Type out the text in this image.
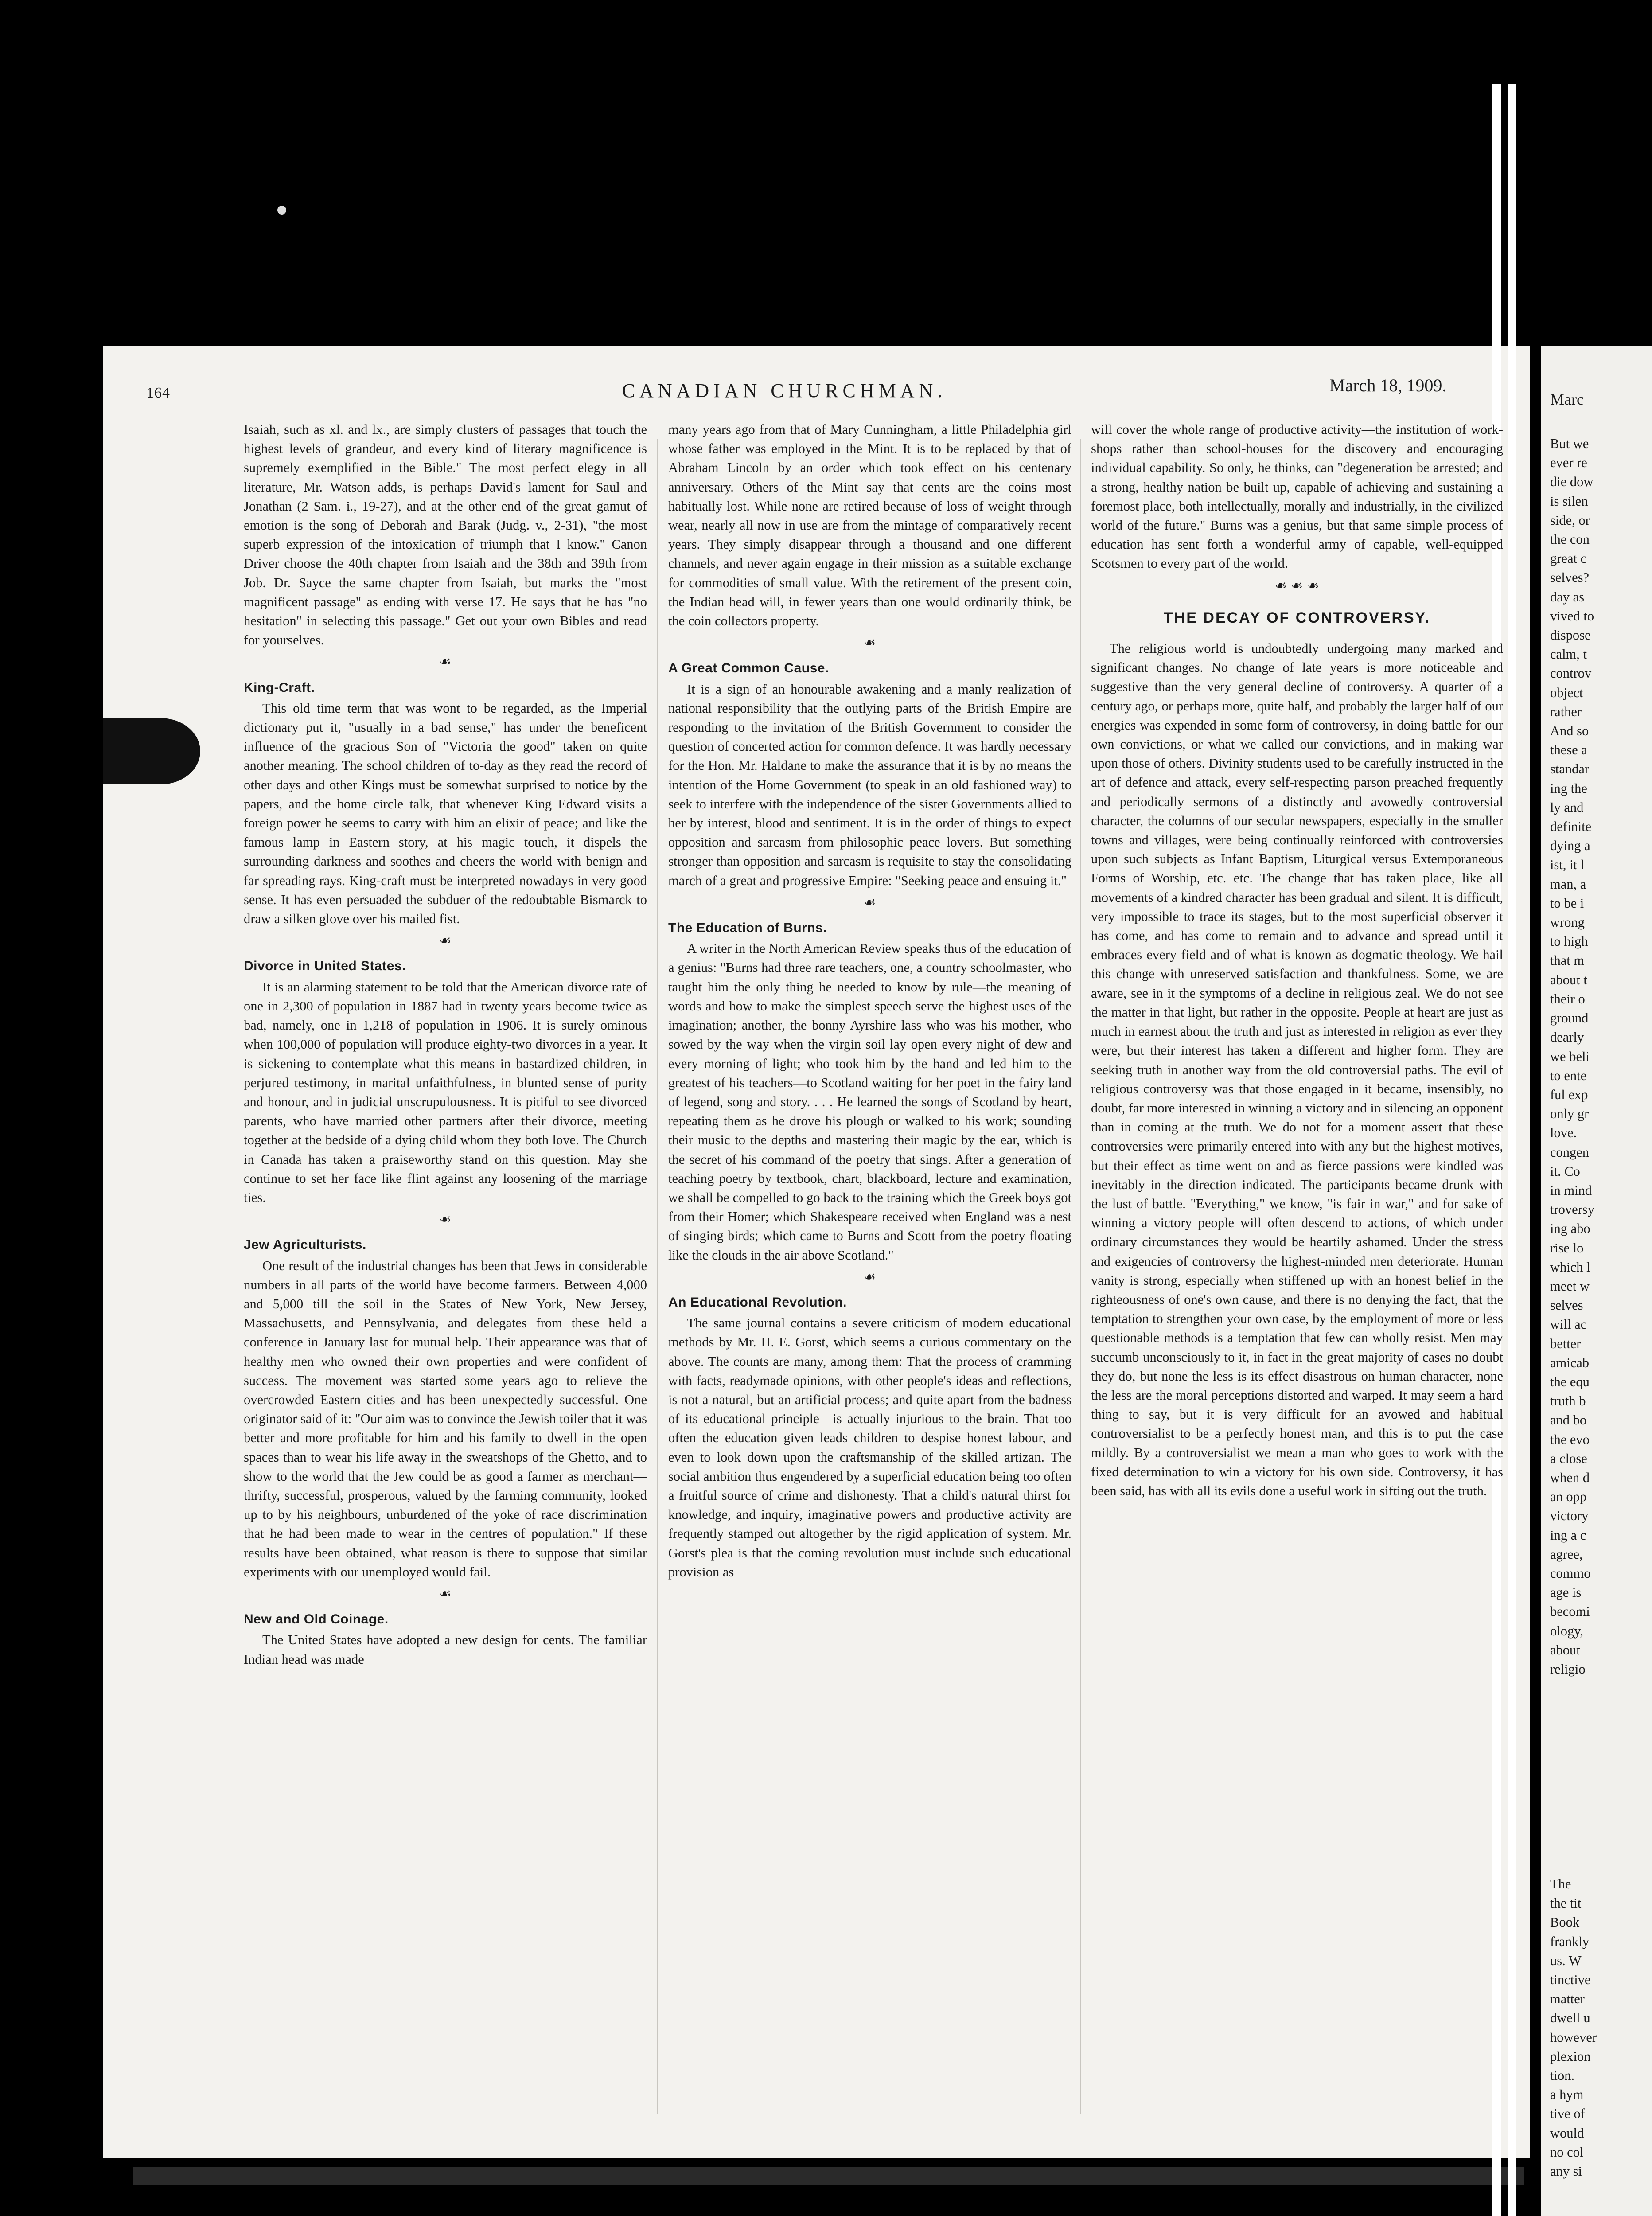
164	CANADIAN CHURCHMAN.	March 18, 1909.

Isaiah, such as xl. and lx., are simply clusters of passages that touch the highest levels of grandeur, and every kind of literary magnificence is supremely exemplified in the Bible." The most perfect elegy in all literature, Mr. Watson adds, is perhaps David's lament for Saul and Jonathan (2 Sam. i., 19-27), and at the other end of the great gamut of emotion is the song of Deborah and Barak (Judg. v., 2-31), "the most superb expression of the intoxication of triumph that I know." Canon Driver choose the 40th chapter from Isaiah and the 38th and 39th from Job. Dr. Sayce the same chapter from Isaiah, but marks the "most magnificent passage" as ending with verse 17. He says that he has "no hesitation" in selecting this passage." Get out your own Bibles and read for yourselves.

☙
King-Craft.

This old time term that was wont to be regarded, as the Imperial dictionary put it, "usually in a bad sense," has under the beneficent influence of the gracious Son of "Victoria the good" taken on quite another meaning. The school children of to-day as they read the record of other days and other Kings must be somewhat surprised to notice by the papers, and the home circle talk, that whenever King Edward visits a foreign power he seems to carry with him an elixir of peace; and like the famous lamp in Eastern story, at his magic touch, it dispels the surrounding darkness and soothes and cheers the world with benign and far spreading rays. King-craft must be interpreted nowadays in very good sense. It has even persuaded the subduer of the redoubtable Bismarck to draw a silken glove over his mailed fist.

☙
Divorce in United States.

It is an alarming statement to be told that the American divorce rate of one in 2,300 of population in 1887 had in twenty years become twice as bad, namely, one in 1,218 of population in 1906. It is surely ominous when 100,000 of population will produce eighty-two divorces in a year. It is sickening to contemplate what this means in bastardized children, in perjured testimony, in marital unfaithfulness, in blunted sense of purity and honour, and in judicial unscrupulousness. It is pitiful to see divorced parents, who have married other partners after their divorce, meeting together at the bedside of a dying child whom they both love. The Church in Canada has taken a praiseworthy stand on this question. May she continue to set her face like flint against any loosening of the marriage ties.

☙
Jew Agriculturists.

One result of the industrial changes has been that Jews in considerable numbers in all parts of the world have become farmers. Between 4,000 and 5,000 till the soil in the States of New York, New Jersey, Massachusetts, and Pennsylvania, and delegates from these held a conference in January last for mutual help. Their appearance was that of healthy men who owned their own properties and were confident of success. The movement was started some years ago to relieve the overcrowded Eastern cities and has been unexpectedly successful. One originator said of it: "Our aim was to convince the Jewish toiler that it was better and more profitable for him and his family to dwell in the open spaces than to wear his life away in the sweatshops of the Ghetto, and to show to the world that the Jew could be as good a farmer as merchant—thrifty, successful, prosperous, valued by the farming community, looked up to by his neighbours, unburdened of the yoke of race discrimination that he had been made to wear in the centres of population." If these results have been obtained, what reason is there to suppose that similar experiments with our unemployed would fail.

☙
New and Old Coinage.

The United States have adopted a new design for cents. The familiar Indian head was made

many years ago from that of Mary Cunningham, a little Philadelphia girl whose father was employed in the Mint. It is to be replaced by that of Abraham Lincoln by an order which took effect on his centenary anniversary. Others of the Mint say that cents are the coins most habitually lost. While none are retired because of loss of weight through wear, nearly all now in use are from the mintage of comparatively recent years. They simply disappear through a thousand and one different channels, and never again engage in their mission as a suitable exchange for commodities of small value. With the retirement of the present coin, the Indian head will, in fewer years than one would ordinarily think, be the coin collectors property.

☙
A Great Common Cause.

It is a sign of an honourable awakening and a manly realization of national responsibility that the outlying parts of the British Empire are responding to the invitation of the British Government to consider the question of concerted action for common defence. It was hardly necessary for the Hon. Mr. Haldane to make the assurance that it is by no means the intention of the Home Government (to speak in an old fashioned way) to seek to interfere with the independence of the sister Governments allied to her by interest, blood and sentiment. It is in the order of things to expect opposition and sarcasm from philosophic peace lovers. But something stronger than opposition and sarcasm is requisite to stay the consolidating march of a great and progressive Empire: "Seeking peace and ensuing it."

☙
The Education of Burns.

A writer in the North American Review speaks thus of the education of a genius: "Burns had three rare teachers, one, a country schoolmaster, who taught him the only thing he needed to know by rule—the meaning of words and how to make the simplest speech serve the highest uses of the imagination; another, the bonny Ayrshire lass who was his mother, who sowed by the way when the virgin soil lay open every night of dew and every morning of light; who took him by the hand and led him to the greatest of his teachers—to Scotland waiting for her poet in the fairy land of legend, song and story. . . . He learned the songs of Scotland by heart, repeating them as he drove his plough or walked to his work; sounding their music to the depths and mastering their magic by the ear, which is the secret of his command of the poetry that sings. After a generation of teaching poetry by textbook, chart, blackboard, lecture and examination, we shall be compelled to go back to the training which the Greek boys got from their Homer; which Shakespeare received when England was a nest of singing birds; which came to Burns and Scott from the poetry floating like the clouds in the air above Scotland."

☙
An Educational Revolution.

The same journal contains a severe criticism of modern educational methods by Mr. H. E. Gorst, which seems a curious commentary on the above. The counts are many, among them: That the process of cramming with facts, readymade opinions, with other people's ideas and reflections, is not a natural, but an artificial process; and quite apart from the badness of its educational principle—is actually injurious to the brain. That too often the education given leads children to despise honest labour, and even to look down upon the craftsmanship of the skilled artizan. The social ambition thus engendered by a superficial education being too often a fruitful source of crime and dishonesty. That a child's natural thirst for knowledge, and inquiry, imaginative powers and productive activity are frequently stamped out altogether by the rigid application of system. Mr. Gorst's plea is that the coming revolution must include such educational provision as

will cover the whole range of productive activity—the institution of work-shops rather than school-houses for the discovery and encouraging individual capability. So only, he thinks, can "degeneration be arrested; and a strong, healthy nation be built up, capable of achieving and sustaining a foremost place, both intellectually, morally and industrially, in the civilized world of the future." Burns was a genius, but that same simple process of education has sent forth a wonderful army of capable, well-equipped Scotsmen to every part of the world.

☙ ☙ ☙
THE DECAY OF CONTROVERSY.

The religious world is undoubtedly undergoing many marked and significant changes. No change of late years is more noticeable and suggestive than the very general decline of controversy. A quarter of a century ago, or perhaps more, quite half, and probably the larger half of our energies was expended in some form of controversy, in doing battle for our own convictions, or what we called our convictions, and in making war upon those of others. Divinity students used to be carefully instructed in the art of defence and attack, every self-respecting parson preached frequently and periodically sermons of a distinctly and avowedly controversial character, the columns of our secular newspapers, especially in the smaller towns and villages, were being continually reinforced with controversies upon such subjects as Infant Baptism, Liturgical versus Extemporaneous Forms of Worship, etc. etc. The change that has taken place, like all movements of a kindred character has been gradual and silent. It is difficult, very impossible to trace its stages, but to the most superficial observer it has come, and has come to remain and to advance and spread until it embraces every field and of what is known as dogmatic theology. We hail this change with unreserved satisfaction and thankfulness. Some, we are aware, see in it the symptoms of a decline in religious zeal. We do not see the matter in that light, but rather in the opposite. People at heart are just as much in earnest about the truth and just as interested in religion as ever they were, but their interest has taken a different and higher form. They are seeking truth in another way from the old controversial paths. The evil of religious controversy was that those engaged in it became, insensibly, no doubt, far more interested in winning a victory and in silencing an opponent than in coming at the truth. We do not for a moment assert that these controversies were primarily entered into with any but the highest motives, but their effect as time went on and as fierce passions were kindled was inevitably in the direction indicated. The participants became drunk with the lust of battle. "Everything," we know, "is fair in war," and for sake of winning a victory people will often descend to actions, of which under ordinary circumstances they would be heartily ashamed. Under the stress and exigencies of controversy the highest-minded men deteriorate. Human vanity is strong, especially when stiffened up with an honest belief in the righteousness of one's own cause, and there is no denying the fact, that the temptation to strengthen your own case, by the employment of more or less questionable methods is a temptation that few can wholly resist. Men may succumb unconsciously to it, in fact in the great majority of cases no doubt they do, but none the less is its effect disastrous on human character, none the less are the moral perceptions distorted and warped. It may seem a hard thing to say, but it is very difficult for an avowed and habitual controversialist to be a perfectly honest man, and this is to put the case mildly. By a controversialist we mean a man who goes to work with the fixed determination to win a victory for his own side. Controversy, it has been said, has with all its evils done a useful work in sifting out the truth.

Marc
But we
ever re
die dow
is silen
side, or
the con
great c
selves?
day as
vived to
dispose
calm, t
controv
object
rather
And so
these a
standar
ing the
ly and
definite
dying a
ist, it l
man, a
to be i
wrong
to high
that m
about t
their o
ground
dearly
we beli
to ente
ful exp
only gr
love.
congen
it. Co
in mind
troversy
ing abo
rise lo
which l
meet w
selves
will ac
better
amicab
the equ
truth b
and bo
the evo
a close
when d
an opp
victory
ing a c
agree,
commo
age is
becomi
ology,
about
religio
The
the tit
Book
frankly
us. W
tinctive
matter
dwell u
however
plexion
tion.
a hym
tive of
would
no col
any si
